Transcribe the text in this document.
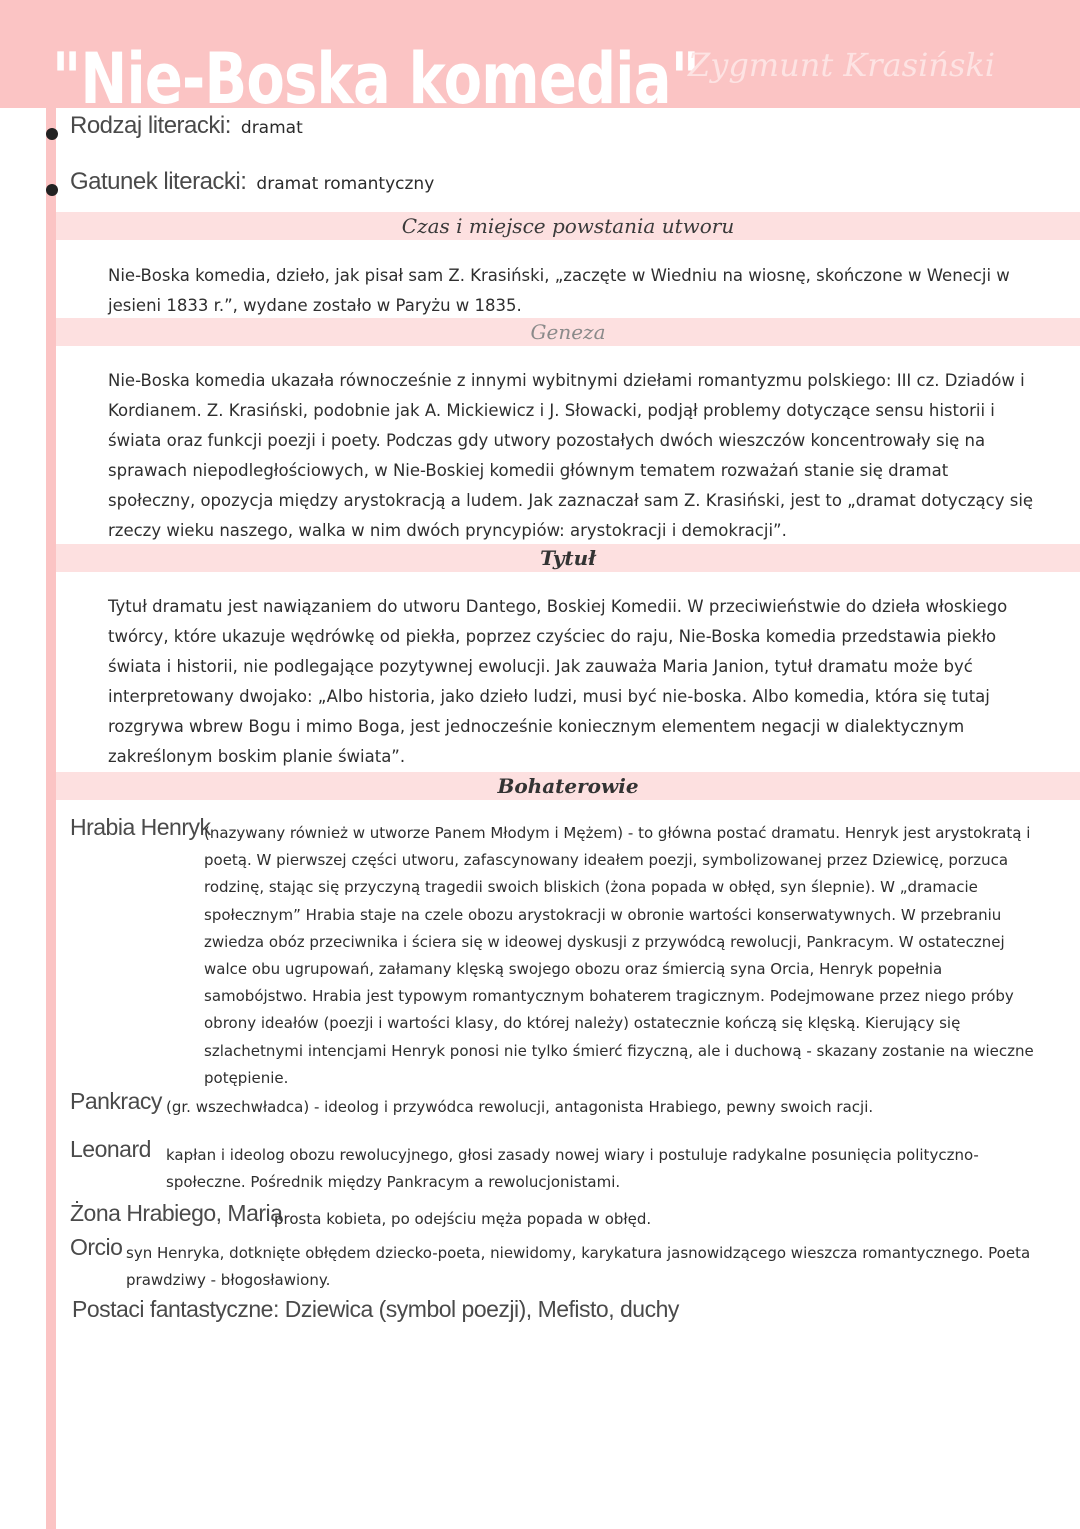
"Nie-Boska komedia"
Zygmunt Krasiński
Rodzaj literacki: dramat
Gatunek literacki: dramat romantyczny
Czas i miejsce powstania utworu

Nie-Boska komedia, dzieło, jak pisał sam Z. Krasiński, „zaczęte w Wiedniu na wiosnę, skończone w Wenecji w jesieni 1833 r.”, wydane zostało w Paryżu w 1835.

Geneza

Nie-Boska komedia ukazała równocześnie z innymi wybitnymi dziełami romantyzmu polskiego: III cz. Dziadów i Kordianem. Z. Krasiński, podobnie jak A. Mickiewicz i J. Słowacki, podjął problemy dotyczące sensu historii i świata oraz funkcji poezji i poety. Podczas gdy utwory pozostałych dwóch wieszczów koncentrowały się na sprawach niepodległościowych, w Nie-Boskiej komedii głównym tematem rozważań stanie się dramat społeczny, opozycja między arystokracją a ludem. Jak zaznaczał sam Z. Krasiński, jest to „dramat dotyczący się rzeczy wieku naszego, walka w nim dwóch pryncypiów: arystokracji i demokracji”.

Tytuł

Tytuł dramatu jest nawiązaniem do utworu Dantego, Boskiej Komedii. W przeciwieństwie do dzieła włoskiego twórcy, które ukazuje wędrówkę od piekła, poprzez czyściec do raju, Nie-Boska komedia przedstawia piekło świata i historii, nie podlegające pozytywnej ewolucji. Jak zauważa Maria Janion, tytuł dramatu może być interpretowany dwojako: „Albo historia, jako dzieło ludzi, musi być nie-boska. Albo komedia, która się tutaj rozgrywa wbrew Bogu i mimo Boga, jest jednocześnie koniecznym elementem negacji w dialektycznym zakreślonym boskim planie świata”.

Bohaterowie
Hrabia Henryk

(nazywany również w utworze Panem Młodym i Mężem) - to główna postać dramatu. Henryk jest arystokratą i poetą. W pierwszej części utworu, zafascynowany ideałem poezji, symbolizowanej przez Dziewicę, porzuca rodzinę, stając się przyczyną tragedii swoich bliskich (żona popada w obłęd, syn ślepnie). W „dramacie społecznym” Hrabia staje na czele obozu arystokracji w obronie wartości konserwatywnych. W przebraniu zwiedza obóz przeciwnika i ściera się w ideowej dyskusji z przywódcą rewolucji, Pankracym. W ostatecznej walce obu ugrupowań, załamany klęską swojego obozu oraz śmiercią syna Orcia, Henryk popełnia samobójstwo. Hrabia jest typowym romantycznym bohaterem tragicznym. Podejmowane przez niego próby obrony ideałów (poezji i wartości klasy, do której należy) ostatecznie kończą się klęską. Kierujący się szlachetnymi intencjami Henryk ponosi nie tylko śmierć fizyczną, ale i duchową - skazany zostanie na wieczne potępienie.

Pankracy (gr. wszechwładca) - ideolog i przywódca rewolucji, antagonista Hrabiego, pewny swoich racji.

Leonard kapłan i ideolog obozu rewolucyjnego, głosi zasady nowej wiary i postuluje radykalne posunięcia polityczno-społeczne. Pośrednik między Pankracym a rewolucjonistami.

Żona Hrabiego, Maria

prosta kobieta, po odejściu męża popada w obłęd.

Orcio syn Henryka, dotknięte obłędem dziecko-poeta, niewidomy, karykatura jasnowidzącego wieszcza romantycznego. Poeta prawdziwy - błogosławiony.

Postaci fantastyczne: Dziewica (symbol poezji), Mefisto, duchy
